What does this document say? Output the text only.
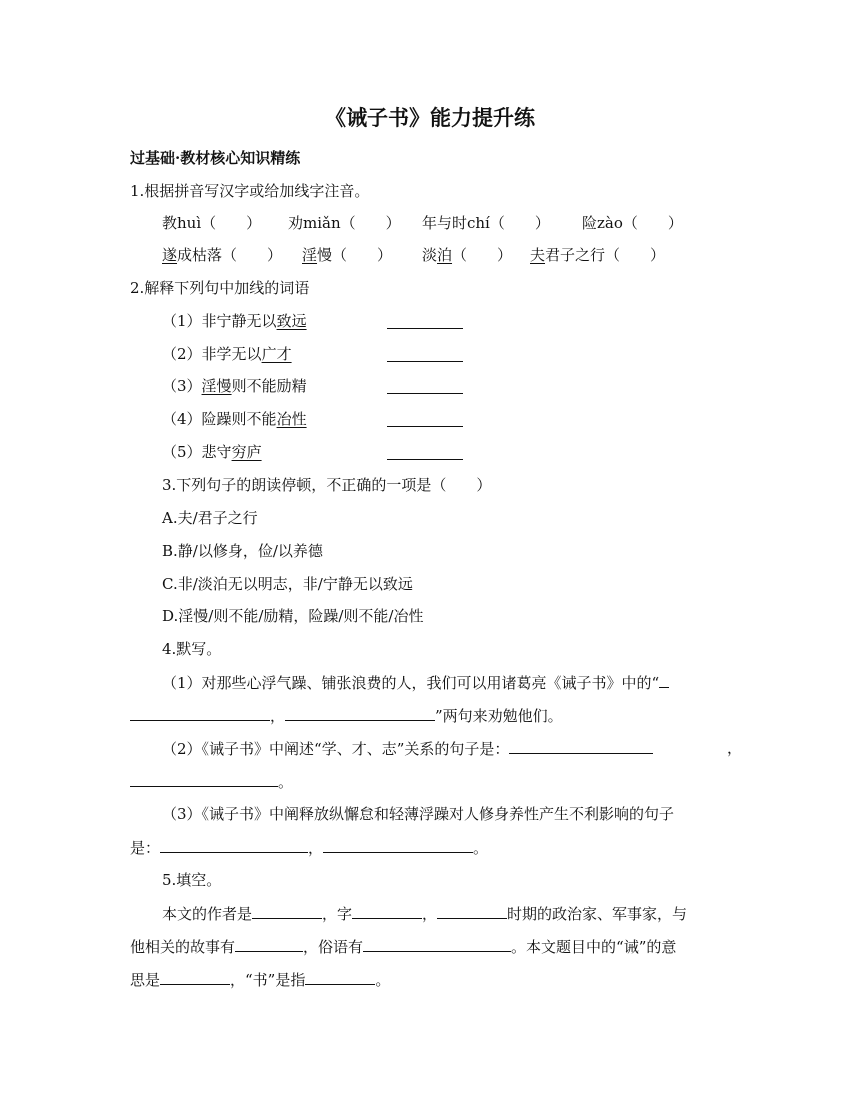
《诫子书》能力提升练
过基础·教材核心知识精练
1.根据拼音写汉字或给加线字注音。
教huì（　　） 劝miǎn（　　） 年与时chí（　　） 险zào（　　）
遂成枯落（　　） 淫慢（　　） 淡泊（　　） 夫君子之行（　　）
2.解释下列句中加线的词语
（1）非宁静无以致远
（2）非学无以广才
（3）淫慢则不能励精
（4）险躁则不能冶性
（5）悲守穷庐
3.下列句子的朗读停顿，不正确的一项是（　　）
A.夫/君子之行
B.静/以修身，俭/以养德
C.非/淡泊无以明志，非/宁静无以致远
D.淫慢/则不能/励精，险躁/则不能/冶性
4.默写。
（1）对那些心浮气躁、铺张浪费的人，我们可以用诸葛亮《诫子书》中的“
，	”两句来劝勉他们。
（2）《诫子书》中阐述“学、才、志”关系的句子是：	，
。
（3）《诫子书》中阐释放纵懈怠和轻薄浮躁对人修身养性产生不利影响的句子
是：	，	。
5.填空。
本文的作者是	，字	，	时期的政治家、军事家，与
他相关的故事有	，俗语有	。本文题目中的“诫”的意
思是	，“书”是指	。
